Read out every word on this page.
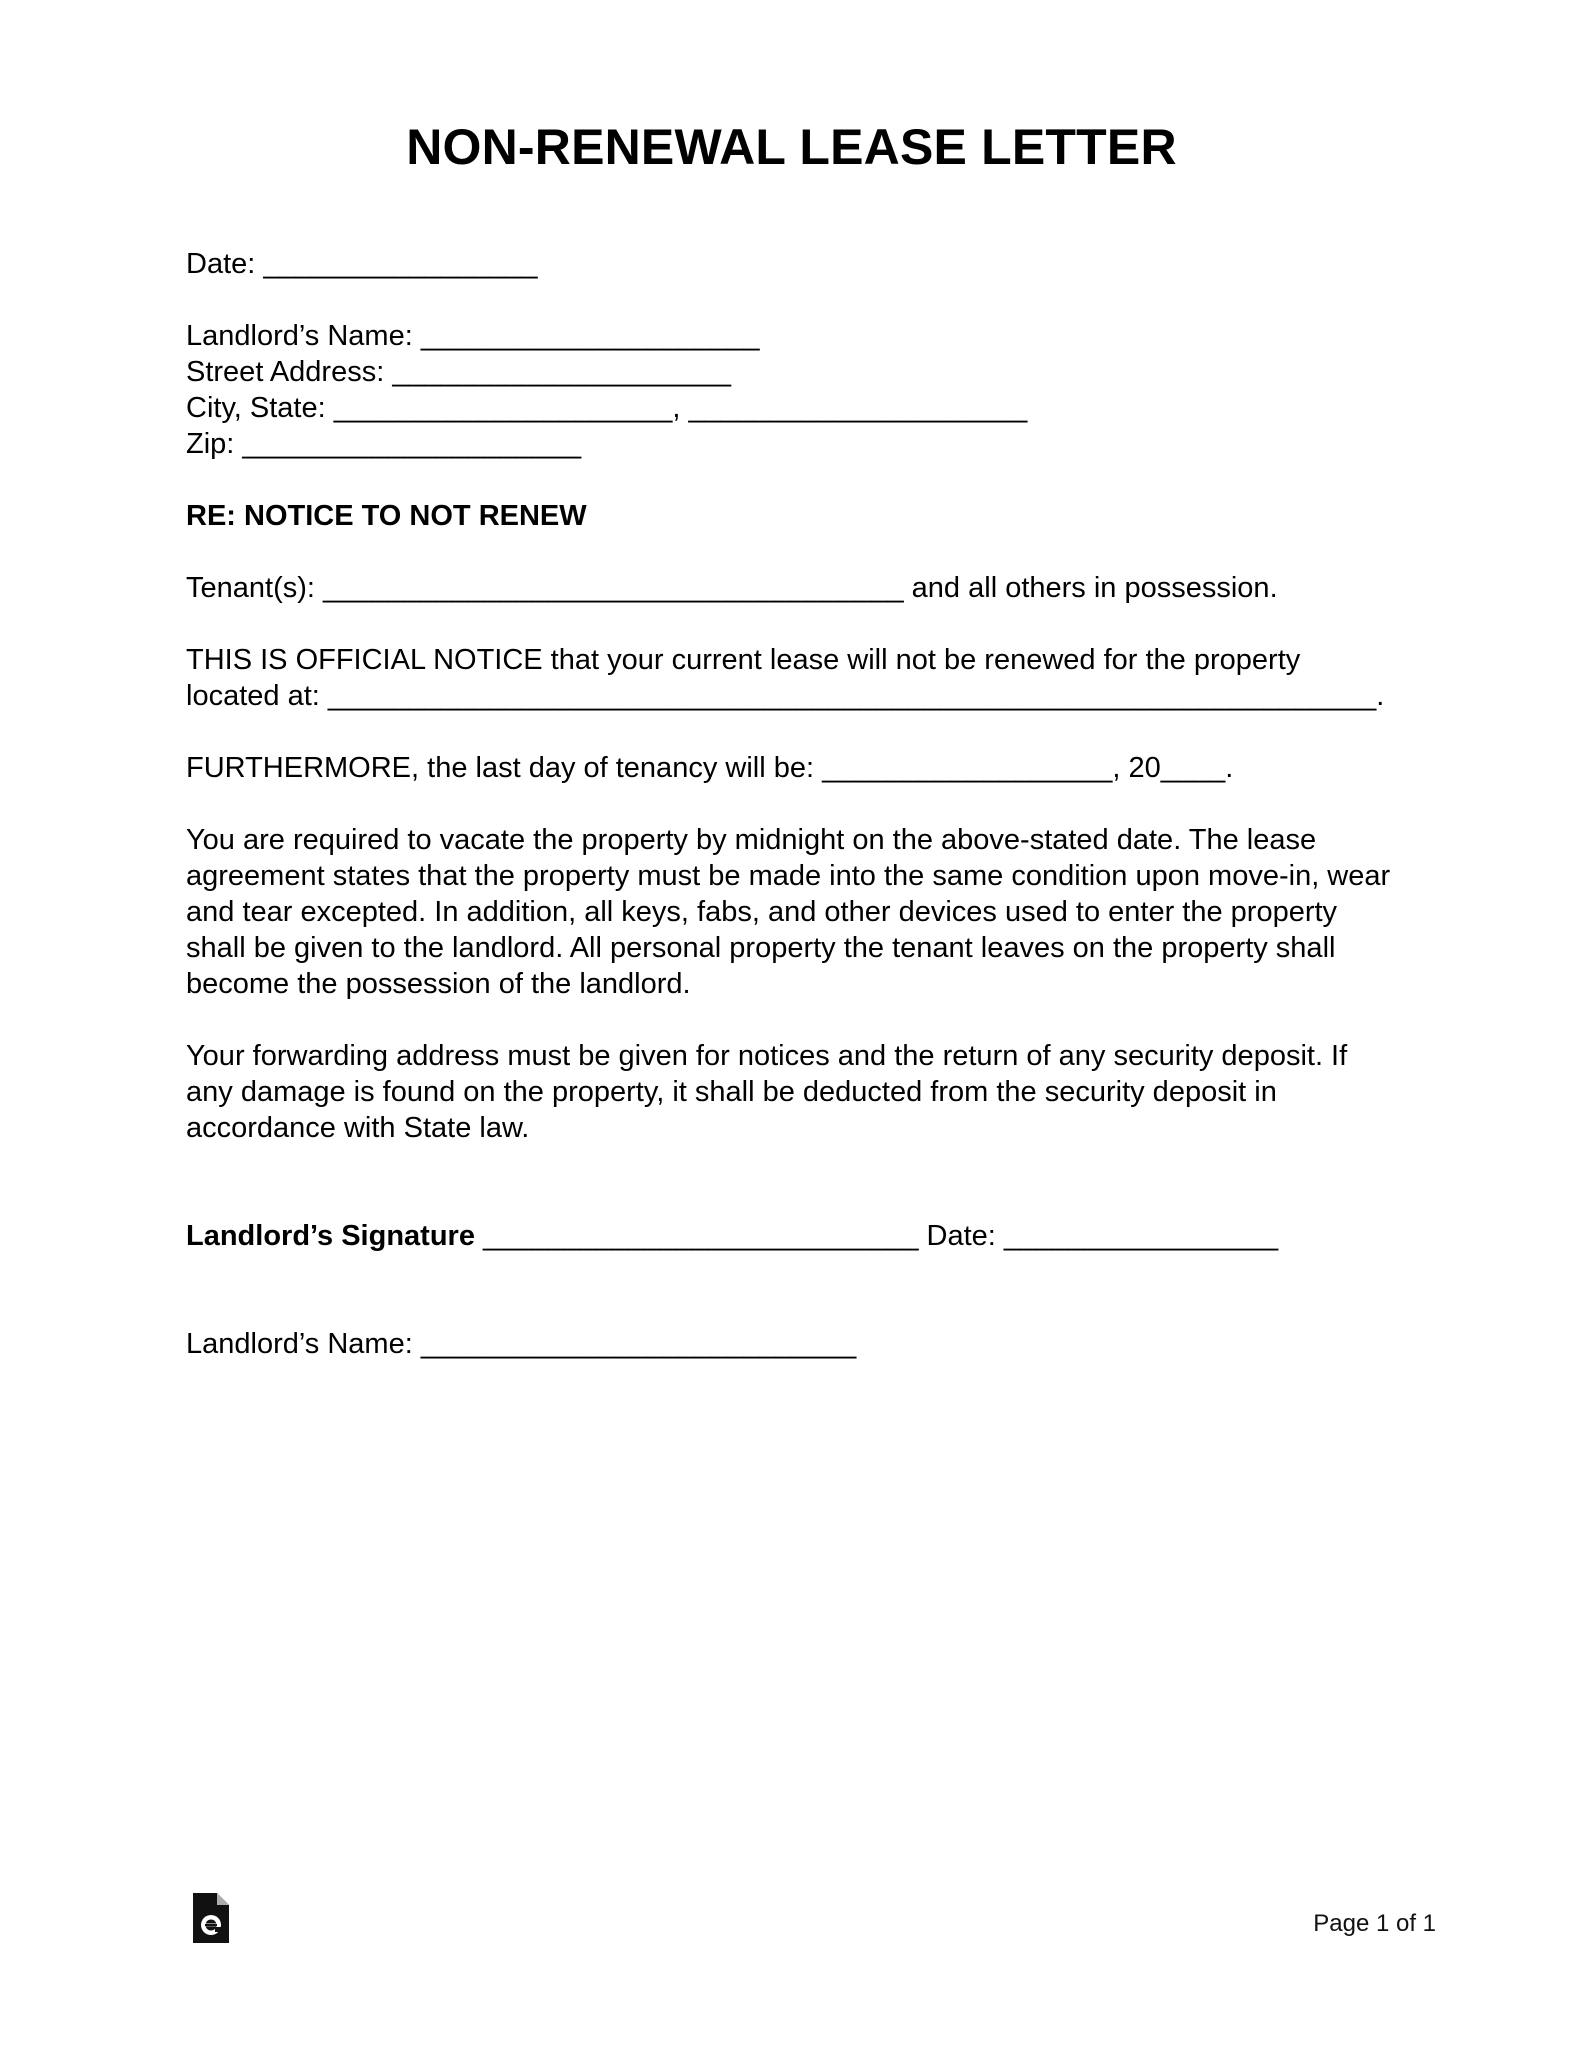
NON-RENEWAL LEASE LETTER
Date: _________________
Landlord’s Name: _____________________
Street Address: _____________________
City, State: _____________________, _____________________
Zip: _____________________
RE: NOTICE TO NOT RENEW
Tenant(s): ____________________________________ and all others in possession.
THIS IS OFFICIAL NOTICE that your current lease will not be renewed for the property located at: _________________________________________________________________.
FURTHERMORE, the last day of tenancy will be: __________________, 20____.
You are required to vacate the property by midnight on the above-stated date. The lease agreement states that the property must be made into the same condition upon move-in, wear and tear excepted. In addition, all keys, fabs, and other devices used to enter the property shall be given to the landlord. All personal property the tenant leaves on the property shall become the possession of the landlord.
Your forwarding address must be given for notices and the return of any security deposit. If any damage is found on the property, it shall be deducted from the security deposit in accordance with State law.
Landlord’s Signature ___________________________ Date: _________________
Landlord’s Name: ___________________________
Page 1 of 1
